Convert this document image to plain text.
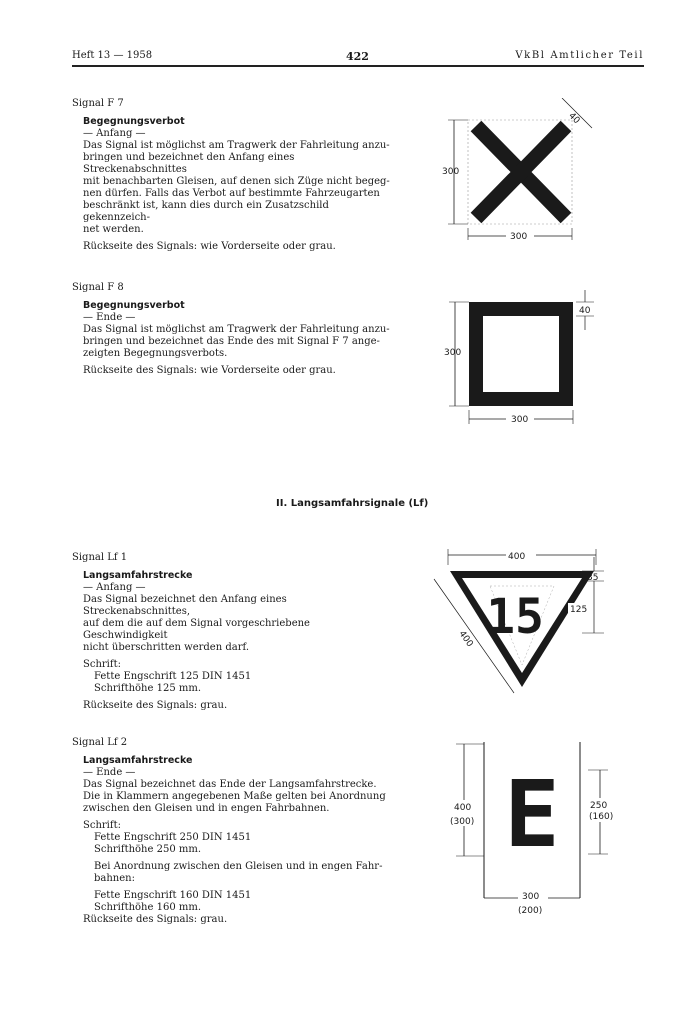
Heft 13 — 1958	422	VkBl Amtlicher Teil

Signal F 7

Begegnungsverbot

— Anfang —

Das Signal ist möglichst am Tragwerk der Fahrleitung anzu-

bringen und bezeichnet den Anfang eines Streckenabschnittes

mit benachbarten Gleisen, auf denen sich Züge nicht begeg-

nen dürfen. Falls das Verbot auf bestimmte Fahrzeugarten

beschränkt ist, kann dies durch ein Zusatzschild gekennzeich-

net werden.

Rückseite des Signals: wie Vorderseite oder grau.

300
300
40

Signal F 8

Begegnungsverbot

— Ende —

Das Signal ist möglichst am Tragwerk der Fahrleitung anzu-

bringen und bezeichnet das Ende des mit Signal F 7 ange-

zeigten Begegnungsverbots.

Rückseite des Signals: wie Vorderseite oder grau.

300
300
40
II. Langsamfahrsignale (Lf)

Signal Lf 1

Langsamfahrstrecke

— Anfang —

Das Signal bezeichnet den Anfang eines Streckenabschnittes,

auf dem die auf dem Signal vorgeschriebene Geschwindigkeit

nicht überschritten werden darf.

Schrift:

Fette Engschrift 125 DIN 1451

Schrifthöhe 125 mm.

Rückseite des Signals: grau.

400
15
400
35
125

Signal Lf 2

Langsamfahrstrecke

— Ende —

Das Signal bezeichnet das Ende der Langsamfahrstrecke.

Die in Klammern angegebenen Maße gelten bei Anordnung

zwischen den Gleisen und in engen Fahrbahnen.

Schrift:

Fette Engschrift 250 DIN 1451

Schrifthöhe 250 mm.

Bei Anordnung zwischen den Gleisen und in engen Fahr-

bahnen:

Fette Engschrift 160 DIN 1451

Schrifthöhe 160 mm.

Rückseite des Signals: grau.

400
(300) E	250
(160)
300
(200)
